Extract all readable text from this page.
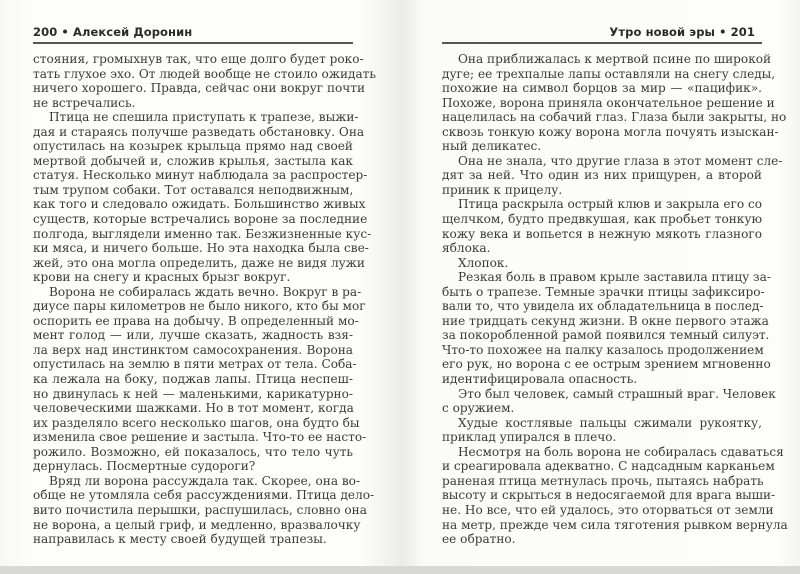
200 • Алексей Доронин
стояния, громыхнув так, что еще долго будет роко-
тать глухое эхо. От людей вообще не стоило ожидать
ничего хорошего. Правда, сейчас они вокруг почти
не встречались.
Птица не спешила приступать к трапезе, выжи-
дая и стараясь получше разведать обстановку. Она
опустилась на козырек крыльца прямо над своей
мертвой добычей и, сложив крылья, застыла как
статуя. Несколько минут наблюдала за распростер-
тым трупом собаки. Тот оставался неподвижным,
как того и следовало ожидать. Большинство живых
существ, которые встречались вороне за последние
полгода, выглядели именно так. Безжизненные кус-
ки мяса, и ничего больше. Но эта находка была све-
жей, это она могла определить, даже не видя лужи
крови на снегу и красных брызг вокруг.
Ворона не собиралась ждать вечно. Вокруг в ра-
диусе пары километров не было никого, кто бы мог
оспорить ее права на добычу. В определенный мо-
мент голод — или, лучше сказать, жадность взя-
ла верх над инстинктом самосохранения. Ворона
опустилась на землю в пяти метрах от тела. Соба-
ка лежала на боку, поджав лапы. Птица неспеш-
но двинулась к ней — маленькими, карикатурно-
человеческими шажками. Но в тот момент, когда
их разделяло всего несколько шагов, она будто бы
изменила свое решение и застыла. Что-то ее насто-
рожило. Возможно, ей показалось, что тело чуть
дернулась. Посмертные судороги?
Вряд ли ворона рассуждала так. Скорее, она во-
обще не утомляла себя рассуждениями. Птица дело-
вито почистила перышки, распушилась, словно она
не ворона, а целый гриф, и медленно, вразвалочку
направилась к месту своей будущей трапезы.
Утро новой эры • 201
Она приближалась к мертвой псине по широкой
дуге; ее трехпалые лапы оставляли на снегу следы,
похожие на символ борцов за мир — «пацифик».
Похоже, ворона приняла окончательное решение и
нацелилась на собачий глаз. Глаза были закрыты, но
сквозь тонкую кожу ворона могла почуять изыскан-
ный деликатес.
Она не знала, что другие глаза в этот момент сле-
дят за ней. Что один из них прищурен, а второй
приник к прицелу.
Птица раскрыла острый клюв и закрыла его со
щелчком, будто предвкушая, как пробьет тонкую
кожу века и вопьется в нежную мякоть глазного
яблока.
Хлопок.
Резкая боль в правом крыле заставила птицу за-
быть о трапезе. Темные зрачки птицы зафиксиро-
вали то, что увидела их обладательница в послед-
ние тридцать секунд жизни. В окне первого этажа
за покоробленной рамой появился темный силуэт.
Что-то похожее на палку казалось продолжением
его рук, но ворона с ее острым зрением мгновенно
идентифицировала опасность.
Это был человек, самый страшный враг. Человек
с оружием.
Худые костлявые пальцы сжимали рукоятку,
приклад упирался в плечо.
Несмотря на боль ворона не собиралась сдаваться
и среагировала адекватно. С надсадным карканьем
раненая птица метнулась прочь, пытаясь набрать
высоту и скрыться в недосягаемой для врага выши-
не. Но все, что ей удалось, это оторваться от земли
на метр, прежде чем сила тяготения рывком вернула
ее обратно.
